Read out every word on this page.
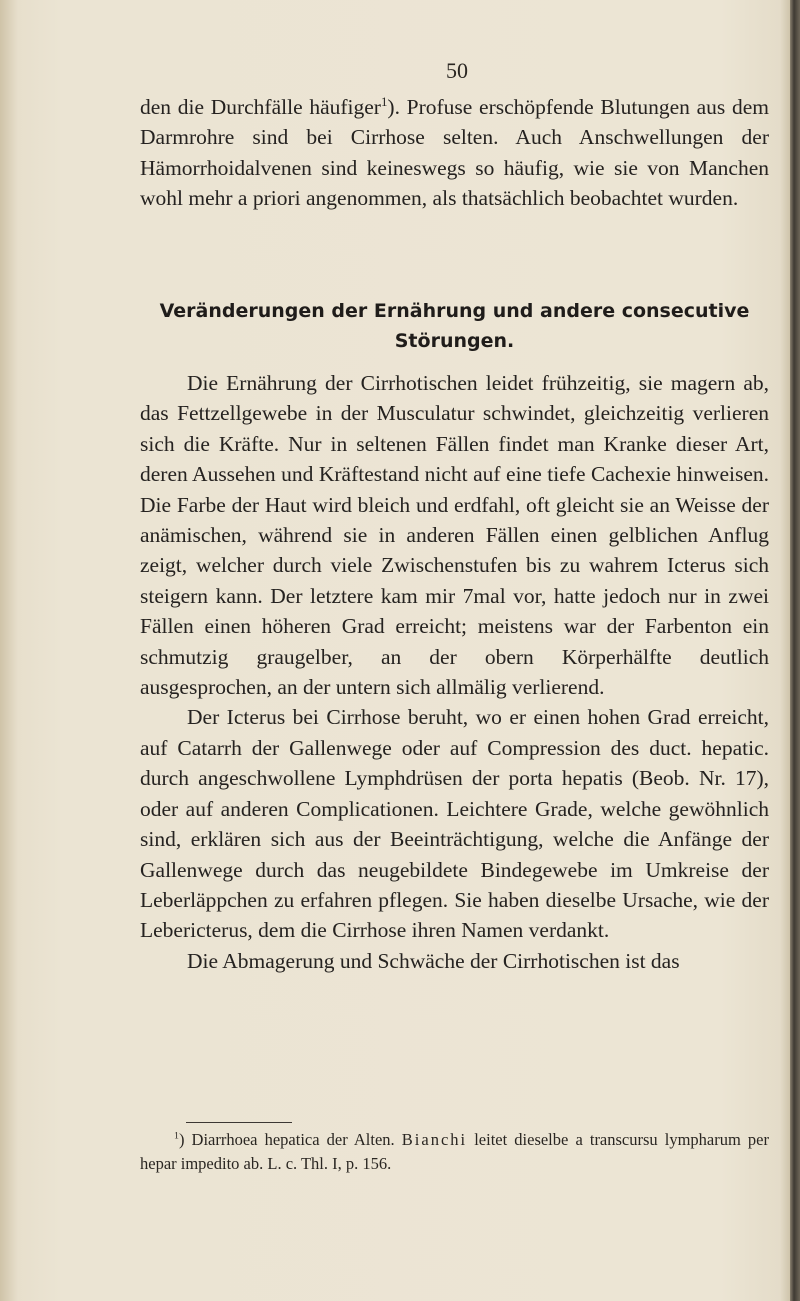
50

den die Durchfälle häufiger$^1$). Profuse erschöpfende Blutungen aus dem Darmrohre sind bei Cirrhose selten. Auch Anschwellungen der Hämorrhoidalvenen sind keineswegs so häufig, wie sie von Manchen wohl mehr a priori angenommen, als thatsächlich beobachtet wurden.

Veränderungen der Ernährung und andere consecutive
Störungen.

Die Ernährung der Cirrhotischen leidet frühzeitig, sie magern ab, das Fettzellgewebe in der Musculatur schwindet, gleichzeitig verlieren sich die Kräfte. Nur in seltenen Fällen findet man Kranke dieser Art, deren Aussehen und Kräftestand nicht auf eine tiefe Cachexie hinweisen. Die Farbe der Haut wird bleich und erdfahl, oft gleicht sie an Weisse der anämischen, während sie in anderen Fällen einen gelblichen Anflug zeigt, welcher durch viele Zwischenstufen bis zu wahrem Icterus sich steigern kann. Der letztere kam mir 7mal vor, hatte jedoch nur in zwei Fällen einen höheren Grad erreicht; meistens war der Farbenton ein schmutzig graugelber, an der obern Körperhälfte deutlich ausgesprochen, an der untern sich allmälig verlierend.

Der Icterus bei Cirrhose beruht, wo er einen hohen Grad erreicht, auf Catarrh der Gallenwege oder auf Compression des duct. hepatic. durch angeschwollene Lymphdrüsen der porta hepatis (Beob. Nr. 17), oder auf anderen Complicationen. Leichtere Grade, welche gewöhnlich sind, erklären sich aus der Beeinträchtigung, welche die Anfänge der Gallenwege durch das neugebildete Bindegewebe im Umkreise der Leberläppchen zu erfahren pflegen. Sie haben dieselbe Ursache, wie der Lebericterus, dem die Cirrhose ihren Namen verdankt.

Die Abmagerung und Schwäche der Cirrhotischen ist das

$^1$) Diarrhoea hepatica der Alten. Bianchi leitet dieselbe a transcursu lympharum per hepar impedito ab. L. c. Thl. I, p. 156.
